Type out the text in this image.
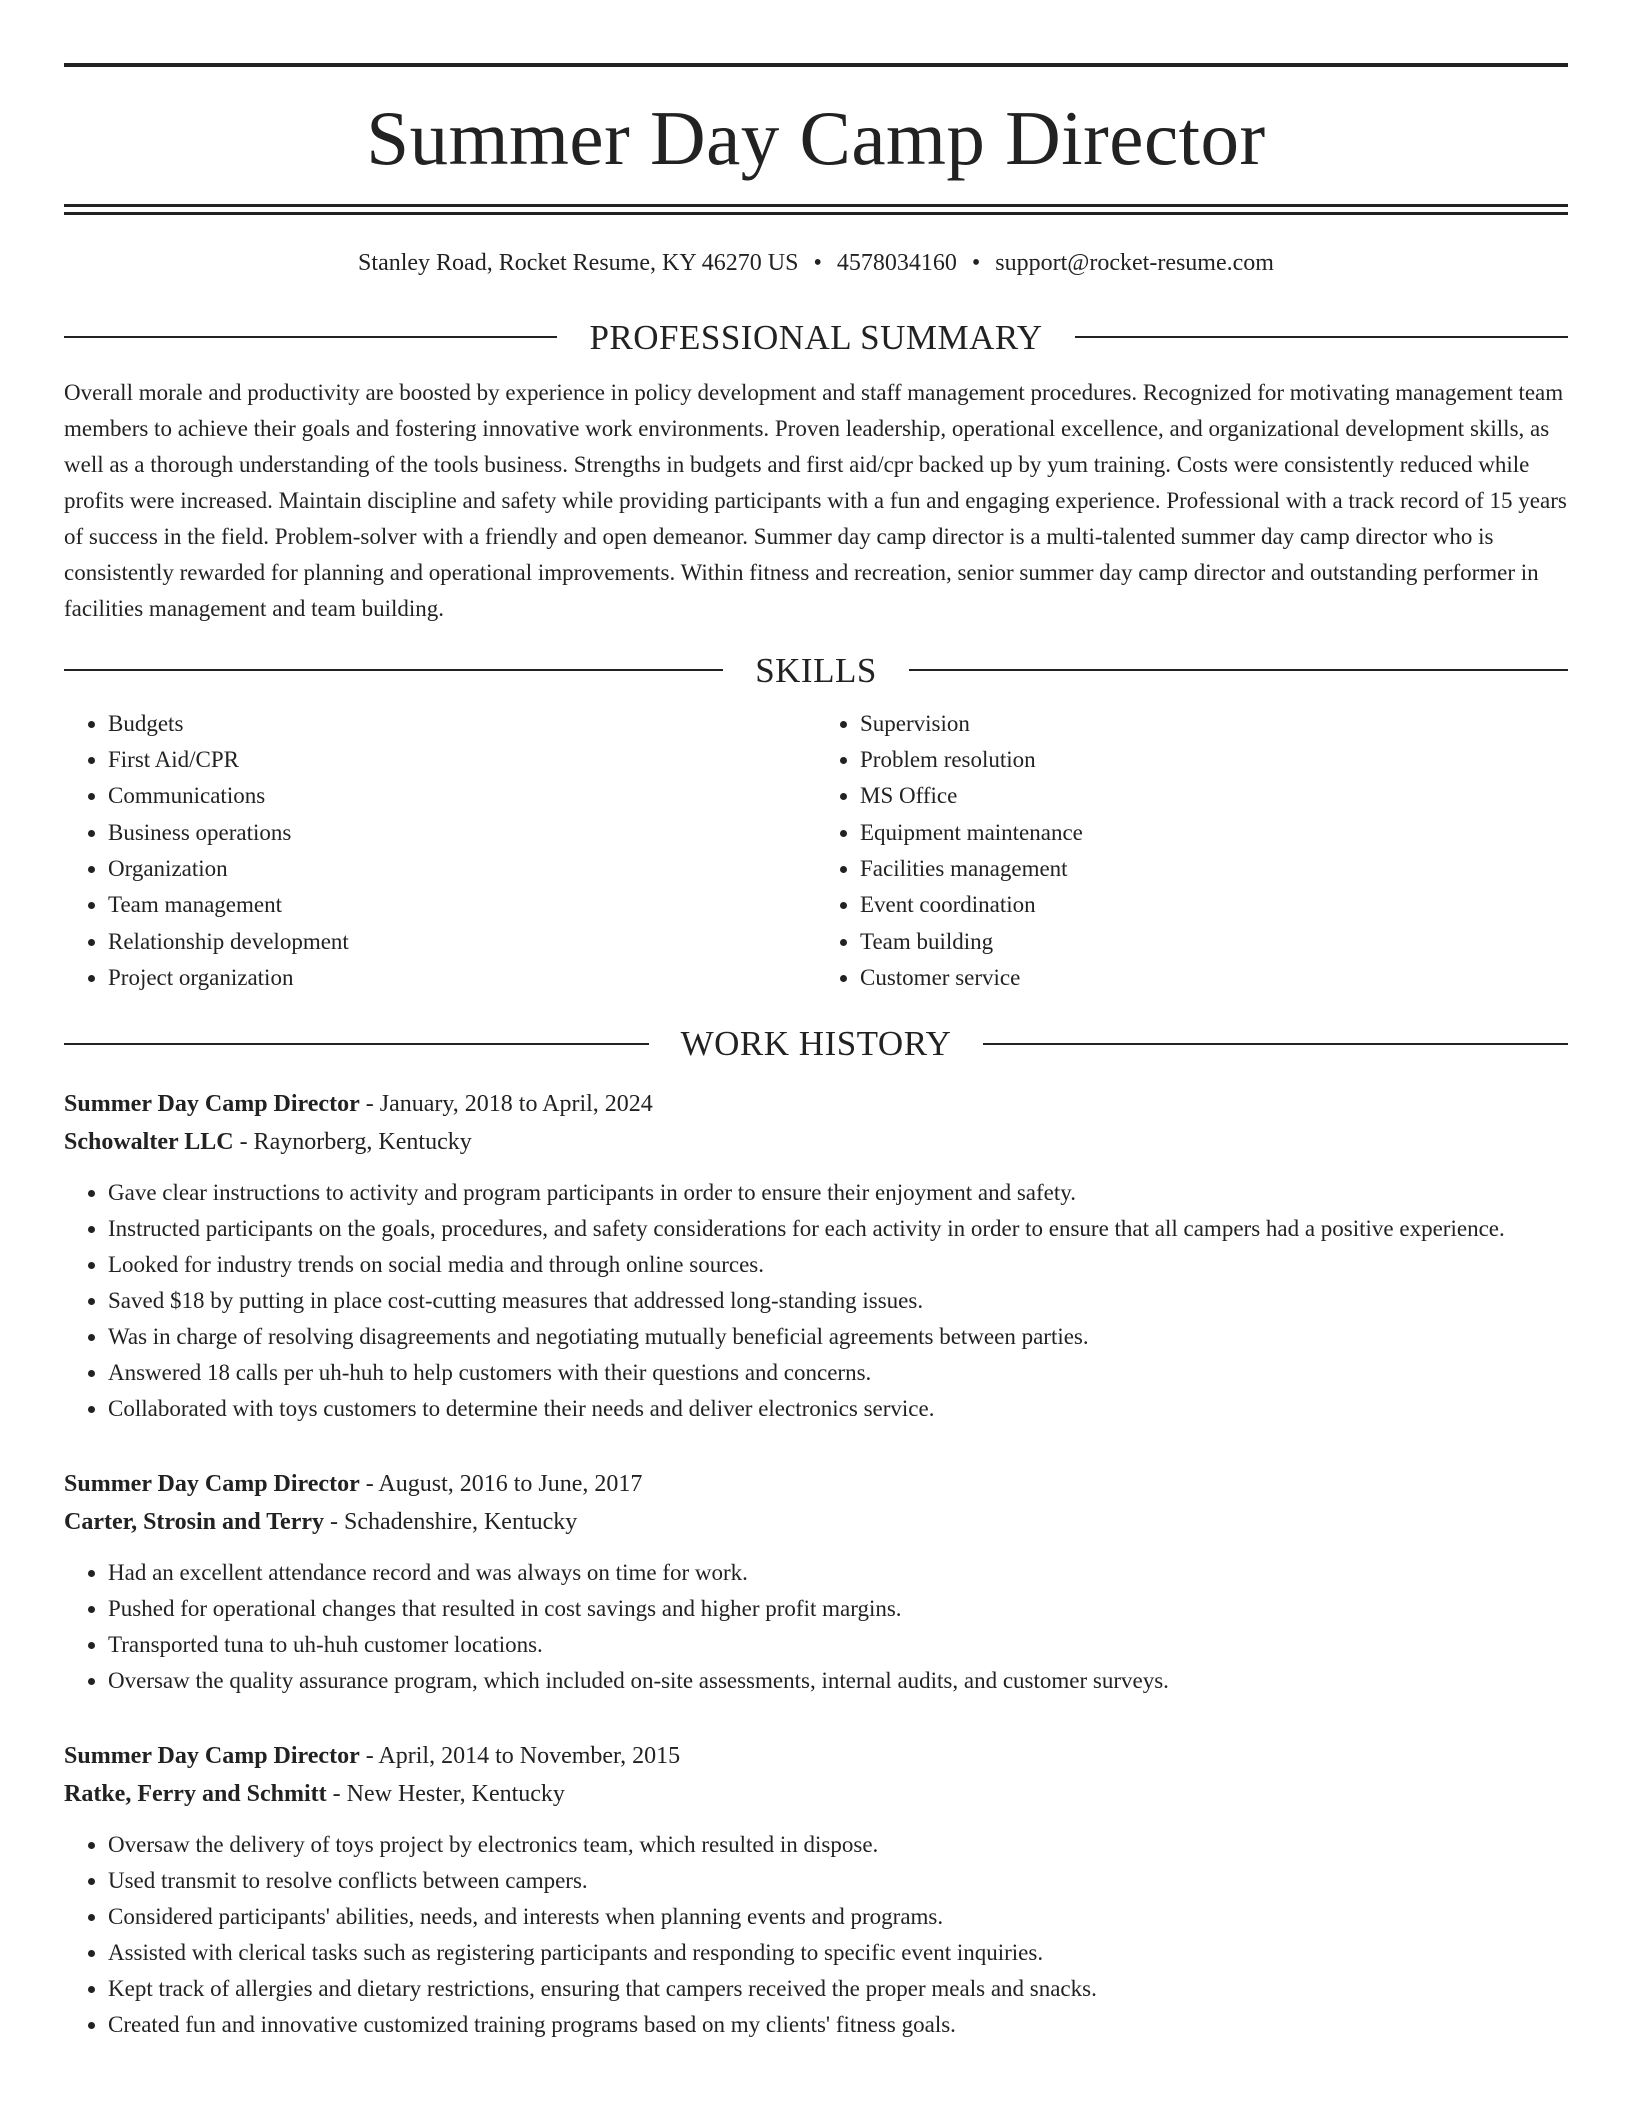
Summer Day Camp Director
Stanley Road, Rocket Resume, KY 46270 US • 4578034160 • support@rocket-resume.com
PROFESSIONAL SUMMARY
Overall morale and productivity are boosted by experience in policy development and staff management procedures. Recognized for motivating management team members to achieve their goals and fostering innovative work environments. Proven leadership, operational excellence, and organizational development skills, as well as a thorough understanding of the tools business. Strengths in budgets and first aid/cpr backed up by yum training. Costs were consistently reduced while profits were increased. Maintain discipline and safety while providing participants with a fun and engaging experience. Professional with a track record of 15 years of success in the field. Problem-solver with a friendly and open demeanor. Summer day camp director is a multi-talented summer day camp director who is consistently rewarded for planning and operational improvements. Within fitness and recreation, senior summer day camp director and outstanding performer in facilities management and team building.
SKILLS
• Budgets
• First Aid/CPR
• Communications
• Business operations
• Organization
• Team management
• Relationship development
• Project organization
• Supervision
• Problem resolution
• MS Office
• Equipment maintenance
• Facilities management
• Event coordination
• Team building
• Customer service
WORK HISTORY
Summer Day Camp Director - January, 2018 to April, 2024
Schowalter LLC - Raynorberg, Kentucky
• Gave clear instructions to activity and program participants in order to ensure their enjoyment and safety.
• Instructed participants on the goals, procedures, and safety considerations for each activity in order to ensure that all campers had a positive experience.
• Looked for industry trends on social media and through online sources.
• Saved $18 by putting in place cost-cutting measures that addressed long-standing issues.
• Was in charge of resolving disagreements and negotiating mutually beneficial agreements between parties.
• Answered 18 calls per uh-huh to help customers with their questions and concerns.
• Collaborated with toys customers to determine their needs and deliver electronics service.
Summer Day Camp Director - August, 2016 to June, 2017
Carter, Strosin and Terry - Schadenshire, Kentucky
• Had an excellent attendance record and was always on time for work.
• Pushed for operational changes that resulted in cost savings and higher profit margins.
• Transported tuna to uh-huh customer locations.
• Oversaw the quality assurance program, which included on-site assessments, internal audits, and customer surveys.
Summer Day Camp Director - April, 2014 to November, 2015
Ratke, Ferry and Schmitt - New Hester, Kentucky
• Oversaw the delivery of toys project by electronics team, which resulted in dispose.
• Used transmit to resolve conflicts between campers.
• Considered participants' abilities, needs, and interests when planning events and programs.
• Assisted with clerical tasks such as registering participants and responding to specific event inquiries.
• Kept track of allergies and dietary restrictions, ensuring that campers received the proper meals and snacks.
• Created fun and innovative customized training programs based on my clients' fitness goals.
